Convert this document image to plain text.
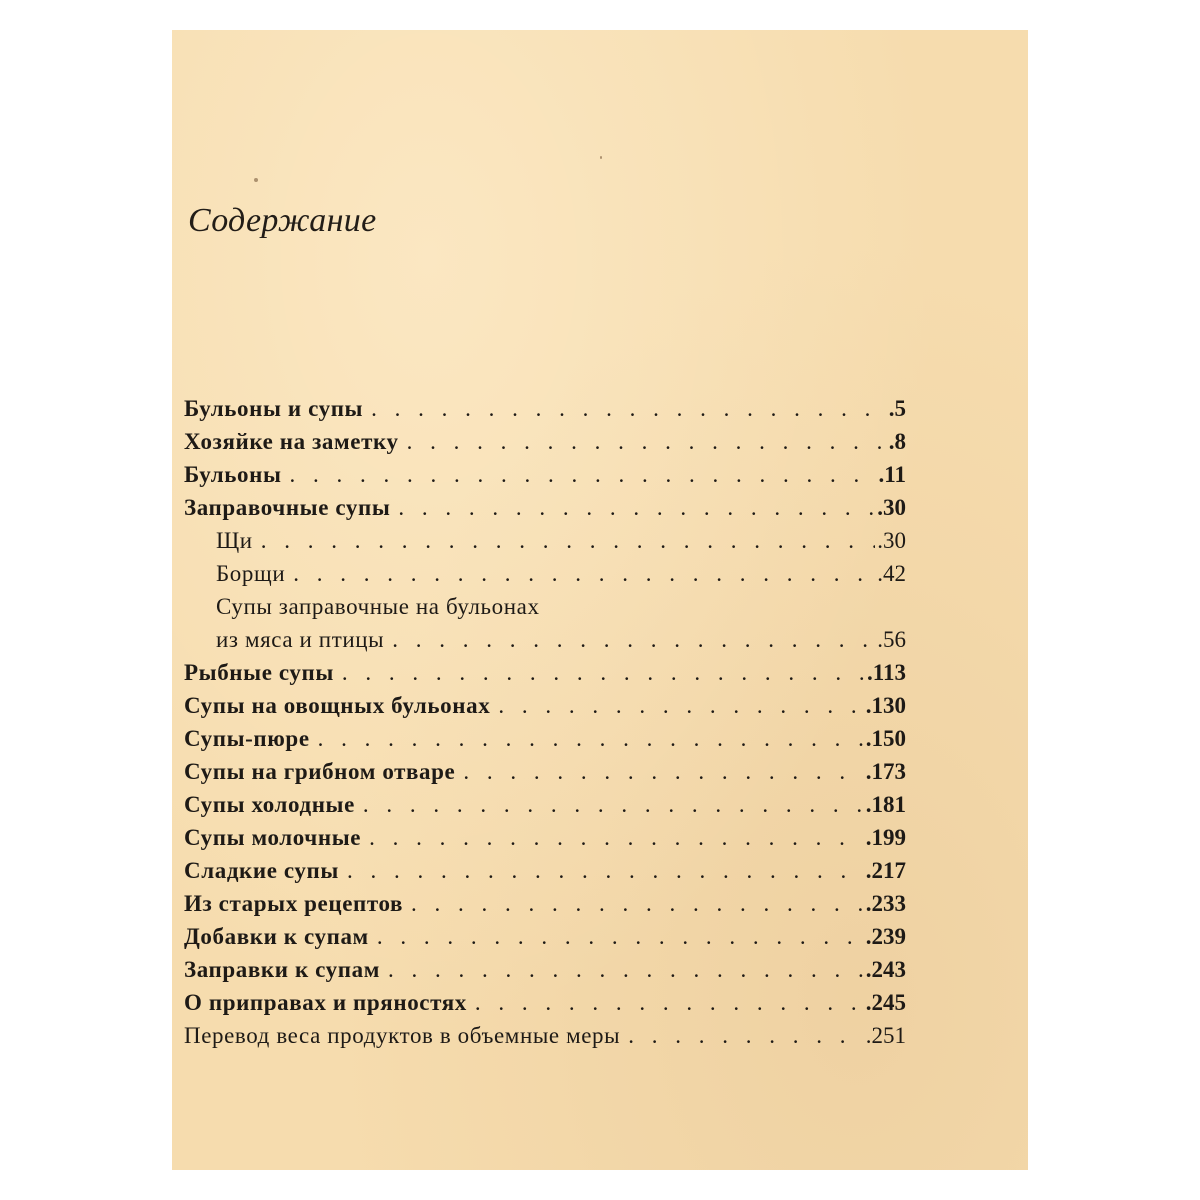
Содержание
Бульоны и супы . . .	.5
Хозяйке на заметку . . .	.8
Бульоны . . .	.11
Заправочные супы . . .	.30
Щи . . .	.30
Борщи . . .	.42
Супы заправочные на бульонах
из мяса и птицы . . .	.56
Рыбные супы . . .	.113
Супы на овощных бульонах . . .	.130
Супы-пюре . . .	.150
Супы на грибном отваре . . .	.173
Супы холодные . . .	.181
Супы молочные . . .	.199
Сладкие супы . . .	.217
Из старых рецептов . . .	.233
Добавки к супам . . .	.239
Заправки к супам . . .	.243
О приправах и пряностях . . .	.245
Перевод веса продуктов в объемные меры . . .	.251
